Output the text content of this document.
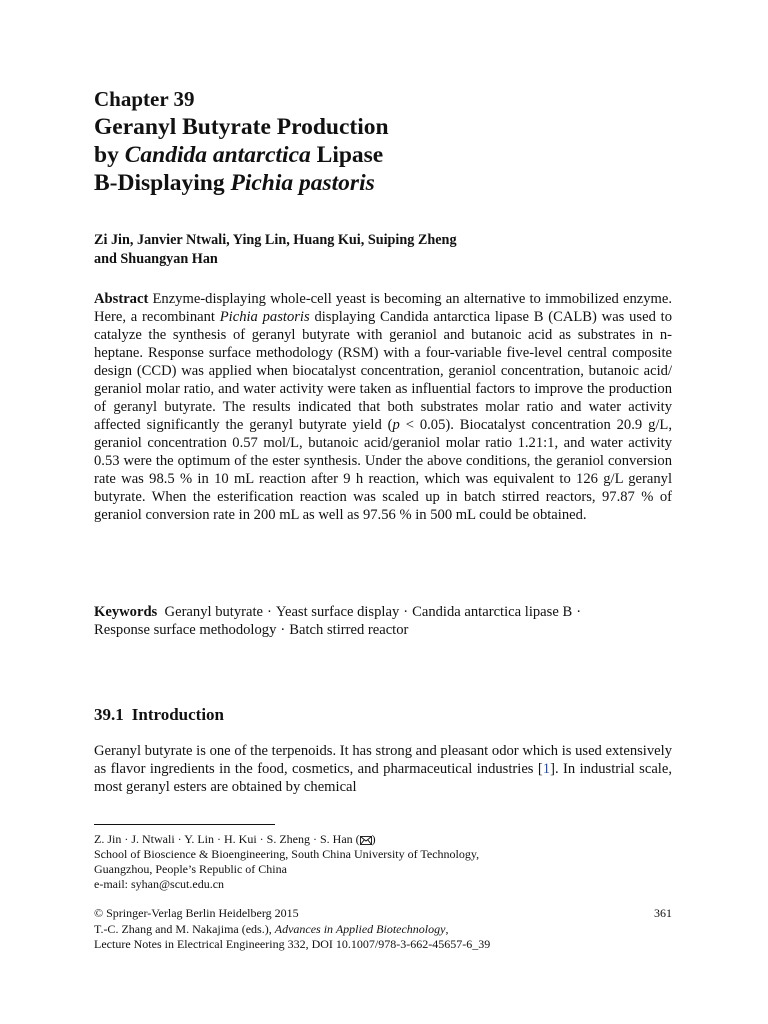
Chapter 39
Geranyl Butyrate Production
by Candida antarctica Lipase
B-Displaying Pichia pastoris
Zi Jin, Janvier Ntwali, Ying Lin, Huang Kui, Suiping Zheng
and Shuangyan Han

Abstract Enzyme-displaying whole-cell yeast is becoming an alternative to immobilized enzyme. Here, a recombinant Pichia pastoris displaying Candida antarctica lipase B (CALB) was used to catalyze the synthesis of geranyl butyrate with geraniol and butanoic acid as substrates in n-heptane. Response surface methodology (RSM) with a four-variable five-level central composite design (CCD) was applied when biocatalyst concentration, geraniol concentration, butanoic acid/ geraniol molar ratio, and water activity were taken as influential factors to improve the production of geranyl butyrate. The results indicated that both substrates molar ratio and water activity affected significantly the geranyl butyrate yield (p < 0.05). Biocatalyst concentration 20.9 g/L, geraniol concentration 0.57 mol/L, butanoic acid/geraniol molar ratio 1.21:1, and water activity 0.53 were the optimum of the ester synthesis. Under the above conditions, the geraniol conversion rate was 98.5 % in 10 mL reaction after 9 h reaction, which was equivalent to 126 g/L geranyl butyrate. When the esterification reaction was scaled up in batch stirred reactors, 97.87 % of geraniol conversion rate in 200 mL as well as 97.56 % in 500 mL could be obtained.

Keywords Geranyl butyrate · Yeast surface display · Candida antarctica lipase B ·
Response surface methodology · Batch stirred reactor

39.1 Introduction

Geranyl butyrate is one of the terpenoids. It has strong and pleasant odor which is used extensively as flavor ingredients in the food, cosmetics, and pharmaceutical industries [1]. In industrial scale, most geranyl esters are obtained by chemical

Z. Jin · J. Ntwali · Y. Lin · H. Kui · S. Zheng · S. Han ( )
School of Bioscience & Bioengineering, South China University of Technology,
Guangzhou, People’s Republic of China
e-mail: syhan@scut.edu.cn

© Springer-Verlag Berlin Heidelberg 2015
T.-C. Zhang and M. Nakajima (eds.), Advances in Applied Biotechnology,
Lecture Notes in Electrical Engineering 332, DOI 10.1007/978-3-662-45657-6_39

361
